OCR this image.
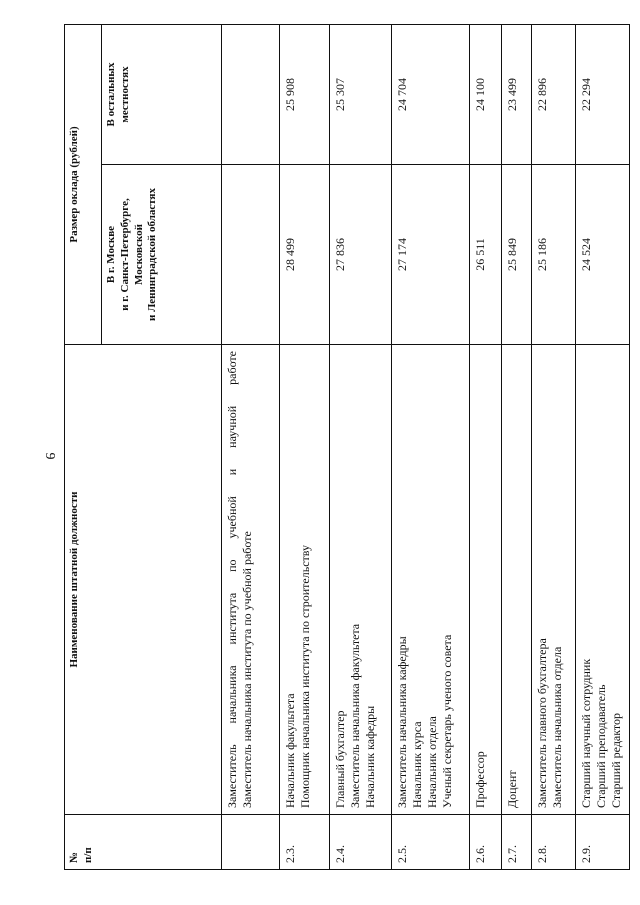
9
№
п/п	Наименование штатной должности	Размер оклада (рублей)	
		В г. Москве
и г. Санкт-Петербурге,
Московской
и Ленинградской областях	В остальных
местностях

	Заместитель начальника института по учебной и научной работе Заместитель начальника института по учебной работе		

2.3.	Начальник факультета Помощник начальника института по строительству	28 499	25 908
2.4.	Главный бухгалтер Заместитель начальника факультета Начальник кафедры	27 836	25 307
2.5.	Заместитель начальника кафедры Начальник курса Начальник отдела Ученый секретарь ученого совета	27 174	24 704
2.6.	Профессор	26 511	24 100
2.7.	Доцент	25 849	23 499
2.8.	Заместитель главного бухгалтера Заместитель начальника отдела	25 186	22 896
2.9.	Старший научный сотрудник Старший преподаватель Старший редактор	24 524	22 294
